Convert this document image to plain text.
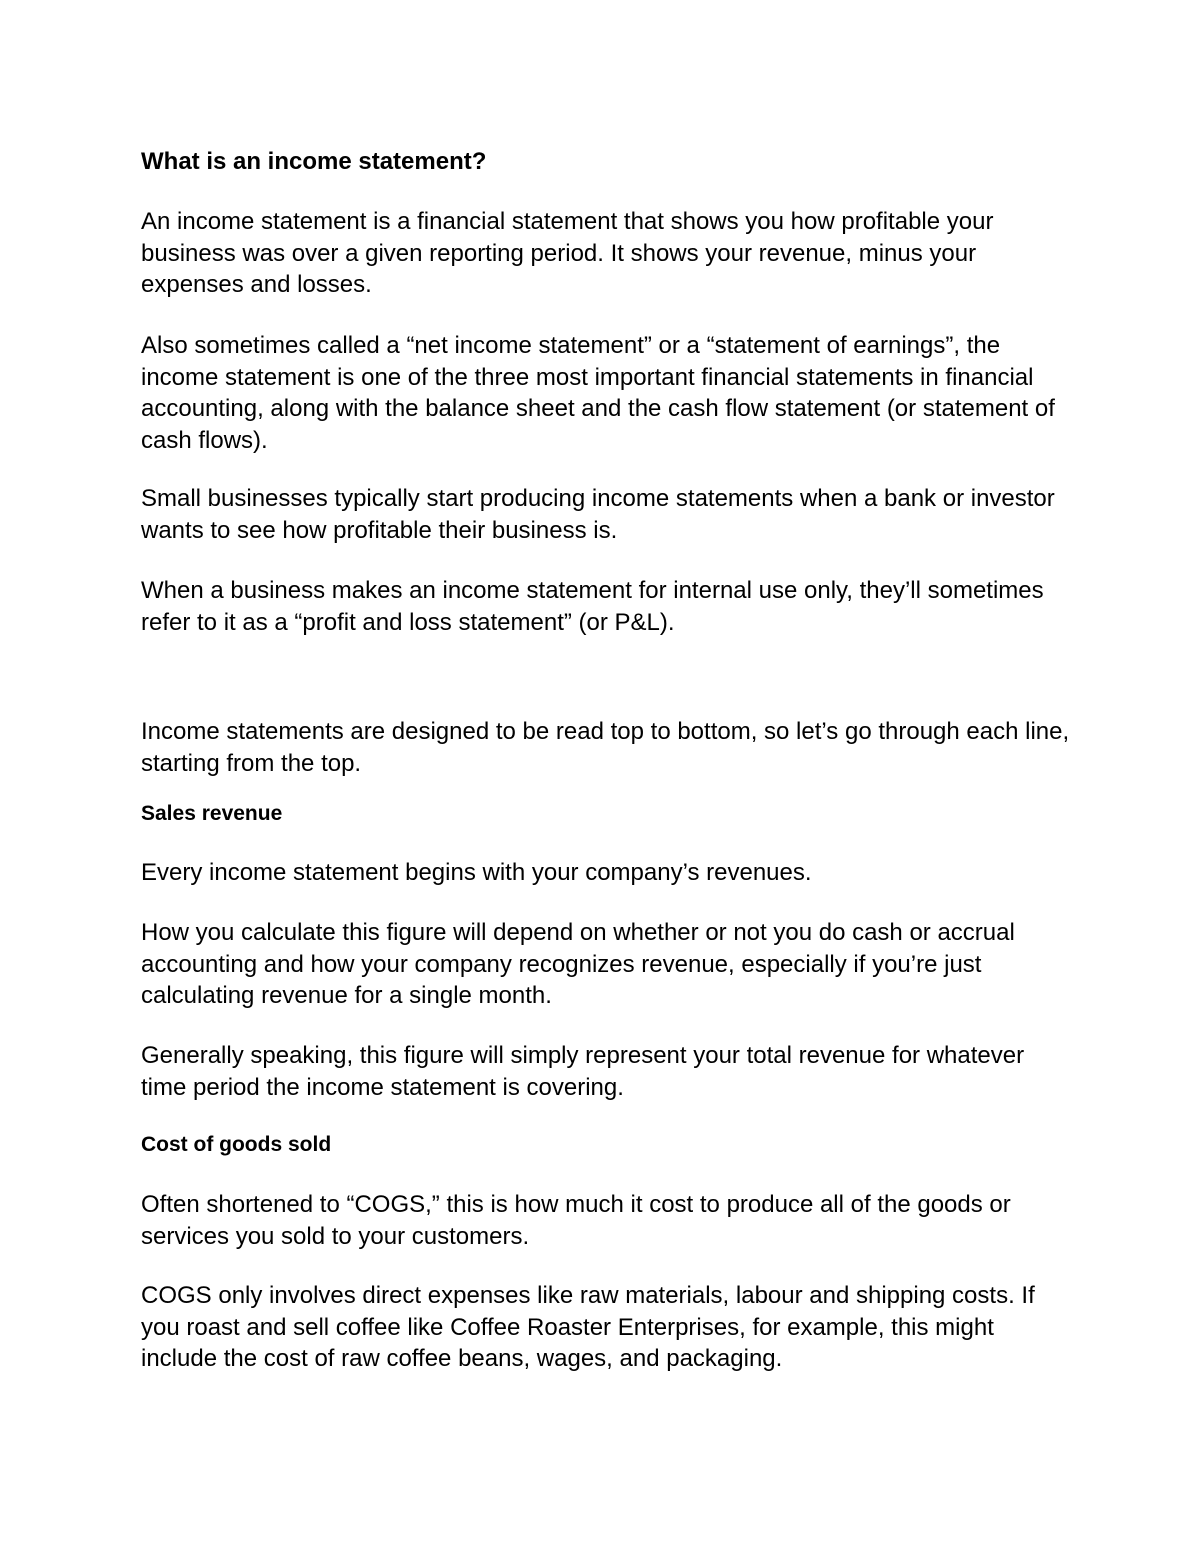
What is an income statement?

An income statement is a financial statement that shows you how profitable your business was over a given reporting period. It shows your revenue, minus your expenses and losses.

Also sometimes called a “net income statement” or a “statement of earnings”, the income statement is one of the three most important financial statements in financial accounting, along with the balance sheet and the cash flow statement (or statement of cash flows).

Small businesses typically start producing income statements when a bank or investor wants to see how profitable their business is.

When a business makes an income statement for internal use only, they’ll sometimes refer to it as a “profit and loss statement” (or P&L).

Income statements are designed to be read top to bottom, so let’s go through each line, starting from the top.

Sales revenue

Every income statement begins with your company’s revenues.

How you calculate this figure will depend on whether or not you do cash or accrual accounting and how your company recognizes revenue, especially if you’re just calculating revenue for a single month.

Generally speaking, this figure will simply represent your total revenue for whatever time period the income statement is covering.

Cost of goods sold

Often shortened to “COGS,” this is how much it cost to produce all of the goods or services you sold to your customers.

COGS only involves direct expenses like raw materials, labour and shipping costs. If you roast and sell coffee like Coffee Roaster Enterprises, for example, this might include the cost of raw coffee beans, wages, and packaging.
